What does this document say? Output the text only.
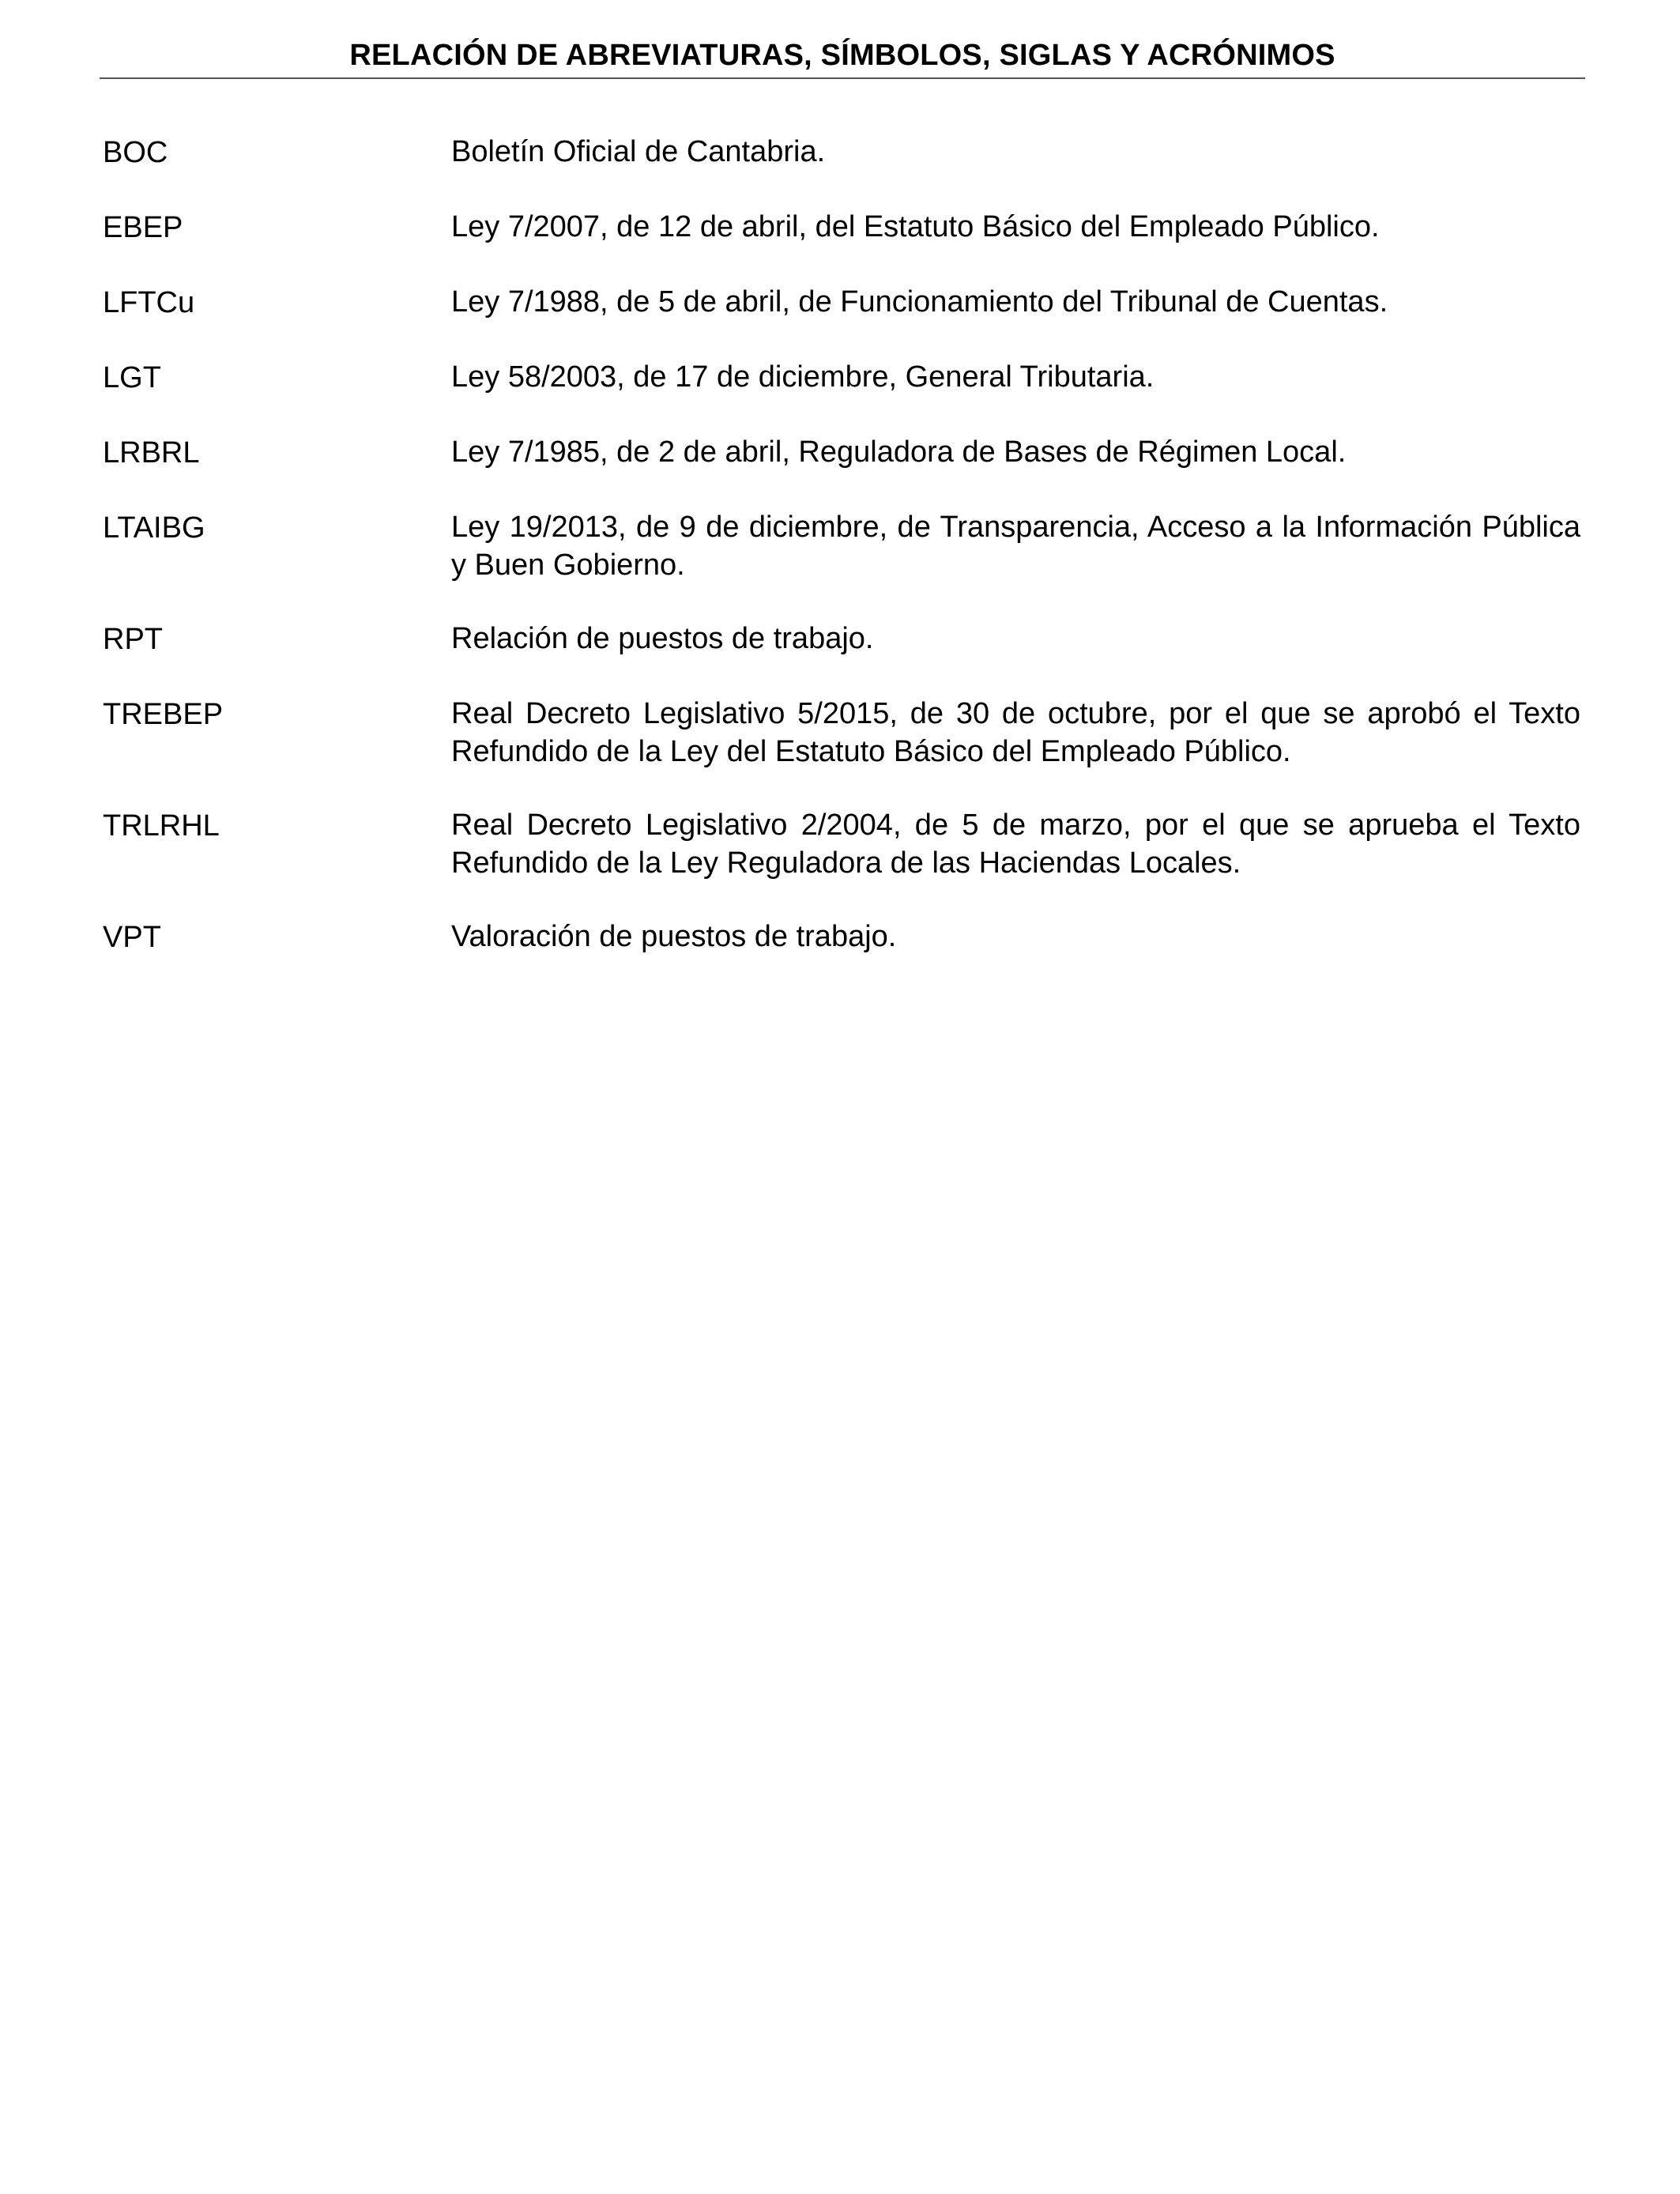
RELACIÓN DE ABREVIATURAS, SÍMBOLOS, SIGLAS Y ACRÓNIMOS
BOC	Boletín Oficial de Cantabria.
EBEP	Ley 7/2007, de 12 de abril, del Estatuto Básico del Empleado Público.
LFTCu	Ley 7/1988, de 5 de abril, de Funcionamiento del Tribunal de Cuentas.
LGT	Ley 58/2003, de 17 de diciembre, General Tributaria.
LRBRL	Ley 7/1985, de 2 de abril, Reguladora de Bases de Régimen Local.
LTAIBG	Ley 19/2013, de 9 de diciembre, de Transparencia, Acceso a la Información Pública y Buen Gobierno.
RPT	Relación de puestos de trabajo.
TREBEP	Real Decreto Legislativo 5/2015, de 30 de octubre, por el que se aprobó el Texto Refundido de la Ley del Estatuto Básico del Empleado Público.
TRLRHL	Real Decreto Legislativo 2/2004, de 5 de marzo, por el que se aprueba el Texto Refundido de la Ley Reguladora de las Haciendas Locales.
VPT	Valoración de puestos de trabajo.
